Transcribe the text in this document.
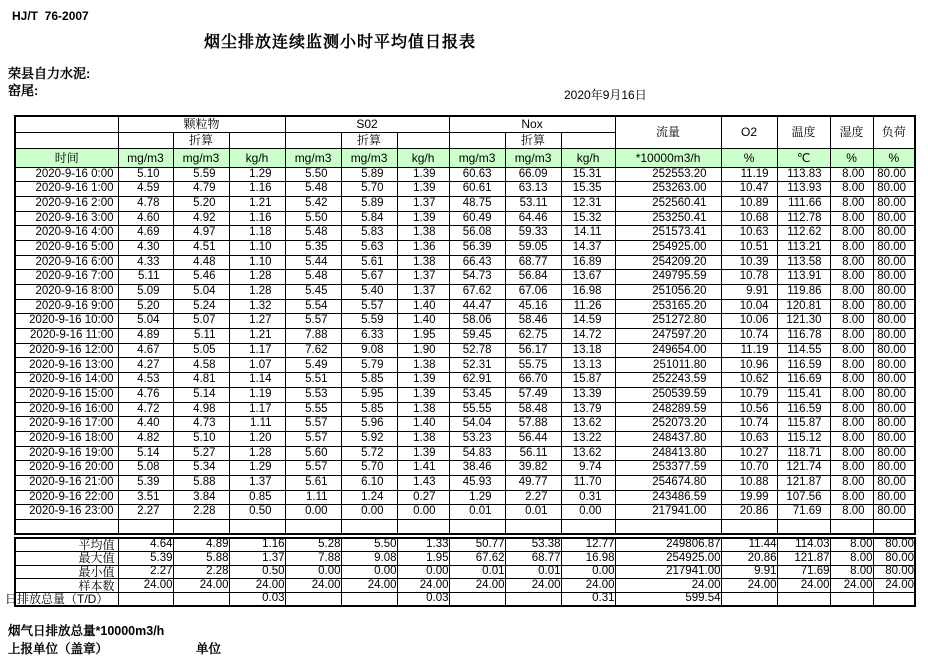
HJ/T  76-2007
烟尘排放连续监测小时平均值日报表
荣县自力水泥:
窑尾:	2020年9月16日
	颗粒物			S02			Nox			流量	O2	温度	湿度	负荷
		折算			折算			折算						
时间	mg/m3	mg/m3	kg/h	mg/m3	mg/m3	kg/h	mg/m3	mg/m3	kg/h	*10000m3/h	%	℃	%	%
2020-9-16 0:00	5.10	5.59	1.29	5.50	5.89	1.39	60.63	66.09	15.31	252553.20	11.19	113.83	8.00	80.00
2020-9-16 1:00	4.59	4.79	1.16	5.48	5.70	1.39	60.61	63.13	15.35	253263.00	10.47	113.93	8.00	80.00
2020-9-16 2:00	4.78	5.20	1.21	5.42	5.89	1.37	48.75	53.11	12.31	252560.41	10.89	111.66	8.00	80.00
2020-9-16 3:00	4.60	4.92	1.16	5.50	5.84	1.39	60.49	64.46	15.32	253250.41	10.68	112.78	8.00	80.00
2020-9-16 4:00	4.69	4.97	1.18	5.48	5.83	1.38	56.08	59.33	14.11	251573.41	10.63	112.62	8.00	80.00
2020-9-16 5:00	4.30	4.51	1.10	5.35	5.63	1.36	56.39	59.05	14.37	254925.00	10.51	113.21	8.00	80.00
2020-9-16 6:00	4.33	4.48	1.10	5.44	5.61	1.38	66.43	68.77	16.89	254209.20	10.39	113.58	8.00	80.00
2020-9-16 7:00	5.11	5.46	1.28	5.48	5.67	1.37	54.73	56.84	13.67	249795.59	10.78	113.91	8.00	80.00
2020-9-16 8:00	5.09	5.04	1.28	5.45	5.40	1.37	67.62	67.06	16.98	251056.20	9.91	119.86	8.00	80.00
2020-9-16 9:00	5.20	5.24	1.32	5.54	5.57	1.40	44.47	45.16	11.26	253165.20	10.04	120.81	8.00	80.00
2020-9-16 10:00	5.04	5.07	1.27	5.57	5.59	1.40	58.06	58.46	14.59	251272.80	10.06	121.30	8.00	80.00
2020-9-16 11:00	4.89	5.11	1.21	7.88	6.33	1.95	59.45	62.75	14.72	247597.20	10.74	116.78	8.00	80.00
2020-9-16 12:00	4.67	5.05	1.17	7.62	9.08	1.90	52.78	56.17	13.18	249654.00	11.19	114.55	8.00	80.00
2020-9-16 13:00	4.27	4.58	1.07	5.49	5.79	1.38	52.31	55.75	13.13	251011.80	10.96	116.59	8.00	80.00
2020-9-16 14:00	4.53	4.81	1.14	5.51	5.85	1.39	62.91	66.70	15.87	252243.59	10.62	116.69	8.00	80.00
2020-9-16 15:00	4.76	5.14	1.19	5.53	5.95	1.39	53.45	57.49	13.39	250539.59	10.79	115.41	8.00	80.00
2020-9-16 16:00	4.72	4.98	1.17	5.55	5.85	1.38	55.55	58.48	13.79	248289.59	10.56	116.59	8.00	80.00
2020-9-16 17:00	4.40	4.73	1.11	5.57	5.96	1.40	54.04	57.88	13.62	252073.20	10.74	115.87	8.00	80.00
2020-9-16 18:00	4.82	5.10	1.20	5.57	5.92	1.38	53.23	56.44	13.22	248437.80	10.63	115.12	8.00	80.00
2020-9-16 19:00	5.14	5.27	1.28	5.60	5.72	1.39	54.83	56.11	13.62	248413.80	10.27	118.71	8.00	80.00
2020-9-16 20:00	5.08	5.34	1.29	5.57	5.70	1.41	38.46	39.82	9.74	253377.59	10.70	121.74	8.00	80.00
2020-9-16 21:00	5.39	5.88	1.37	5.61	6.10	1.43	45.93	49.77	11.70	254674.80	10.88	121.87	8.00	80.00
2020-9-16 22:00	3.51	3.84	0.85	1.11	1.24	0.27	1.29	2.27	0.31	243486.59	19.99	107.56	8.00	80.00
2020-9-16 23:00	2.27	2.28	0.50	0.00	0.00	0.00	0.01	0.01	0.00	217941.00	20.86	71.69	8.00	80.00

平均值	4.64	4.89	1.16	5.28	5.50	1.33	50.77	53.38	12.77	249806.87	11.44	114.03	8.00	80.00
最大值	5.39	5.88	1.37	7.88	9.08	1.95	67.62	68.77	16.98	254925.00	20.86	121.87	8.00	80.00
最小值	2.27	2.28	0.50	0.00	0.00	0.00	0.01	0.01	0.00	217941.00	9.91	71.69	8.00	80.00
样本数	24.00	24.00	24.00	24.00	24.00	24.00	24.00	24.00	24.00	24.00	24.00	24.00	24.00	24.00
日排放总量（T/D）			0.03			0.03			0.31	599.54				
烟气日排放总量*10000m3/h
上报单位（盖章）	单位
